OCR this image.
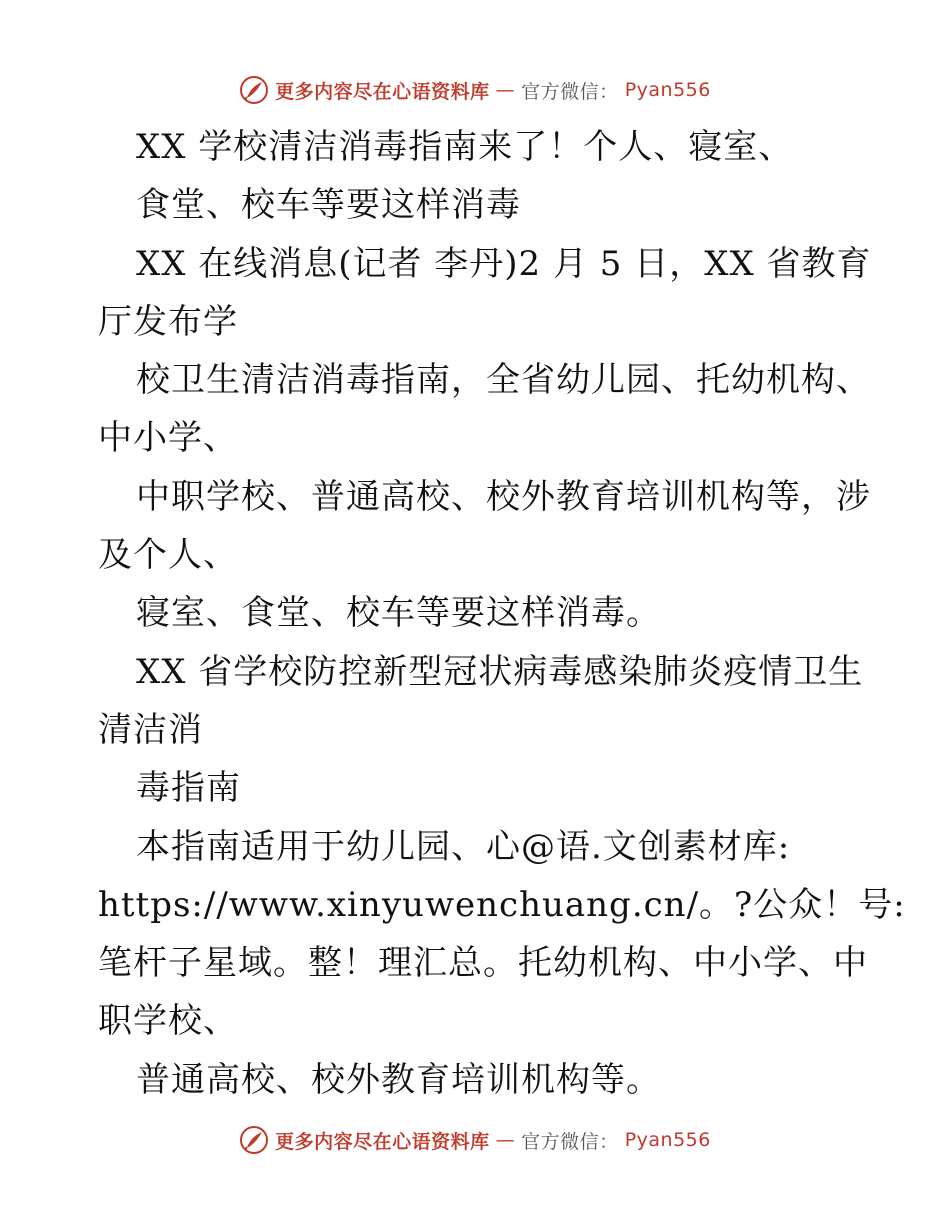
更多内容尽在心语资料库 — 官方微信： Pyan556

XX 学校清洁消毒指南来了！个人、寝室、

食堂、校车等要这样消毒

XX 在线消息(记者 李丹)2 月 5 日，XX 省教育

厅发布学

校卫生清洁消毒指南，全省幼儿园、托幼机构、

中小学、

中职学校、普通高校、校外教育培训机构等，涉

及个人、

寝室、食堂、校车等要这样消毒。

XX 省学校防控新型冠状病毒感染肺炎疫情卫生

清洁消

毒指南

本指南适用于幼儿园、心@语.文创素材库:

https://www.xinyuwenchuang.cn/。?公众！号:

笔杆子星域。整！理汇总。托幼机构、中小学、中

职学校、

普通高校、校外教育培训机构等。

更多内容尽在心语资料库 — 官方微信： Pyan556
